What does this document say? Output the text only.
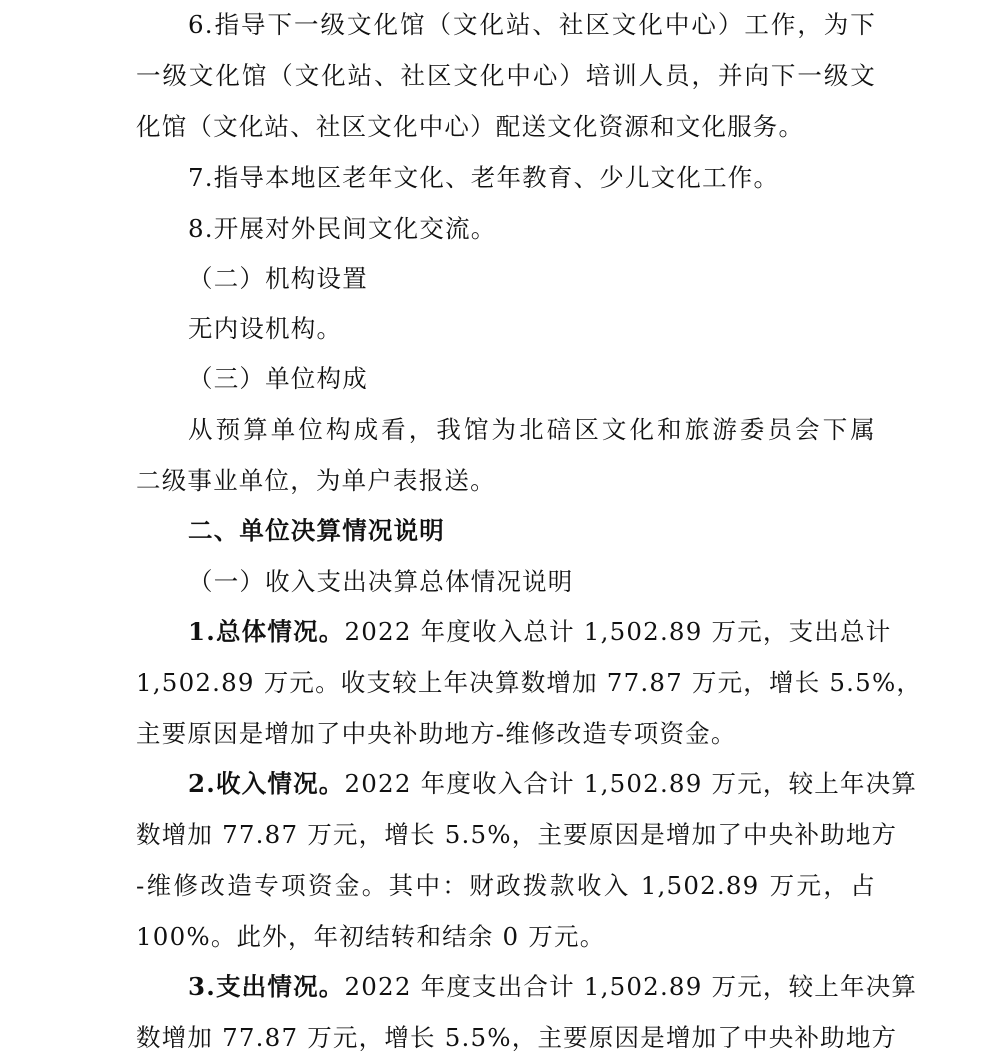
6.指导下一级文化馆（文化站、社区文化中心）工作，为下
一级文化馆（文化站、社区文化中心）培训人员，并向下一级文
化馆（文化站、社区文化中心）配送文化资源和文化服务。
7.指导本地区老年文化、老年教育、少儿文化工作。
8.开展对外民间文化交流。
（二）机构设置
无内设机构。
（三）单位构成
从预算单位构成看，我馆为北碚区文化和旅游委员会下属
二级事业单位，为单户表报送。
二、单位决算情况说明
（一）收入支出决算总体情况说明
1.总体情况。2022 年度收入总计 1,502.89 万元，支出总计
1,502.89 万元。收支较上年决算数增加 77.87 万元，增长 5.5%，
主要原因是增加了中央补助地方-维修改造专项资金。
2.收入情况。2022 年度收入合计 1,502.89 万元，较上年决算
数增加 77.87 万元，增长 5.5%，主要原因是增加了中央补助地方
-维修改造专项资金。其中：财政拨款收入 1,502.89 万元，占
100%。此外，年初结转和结余 0 万元。
3.支出情况。2022 年度支出合计 1,502.89 万元，较上年决算
数增加 77.87 万元，增长 5.5%，主要原因是增加了中央补助地方
